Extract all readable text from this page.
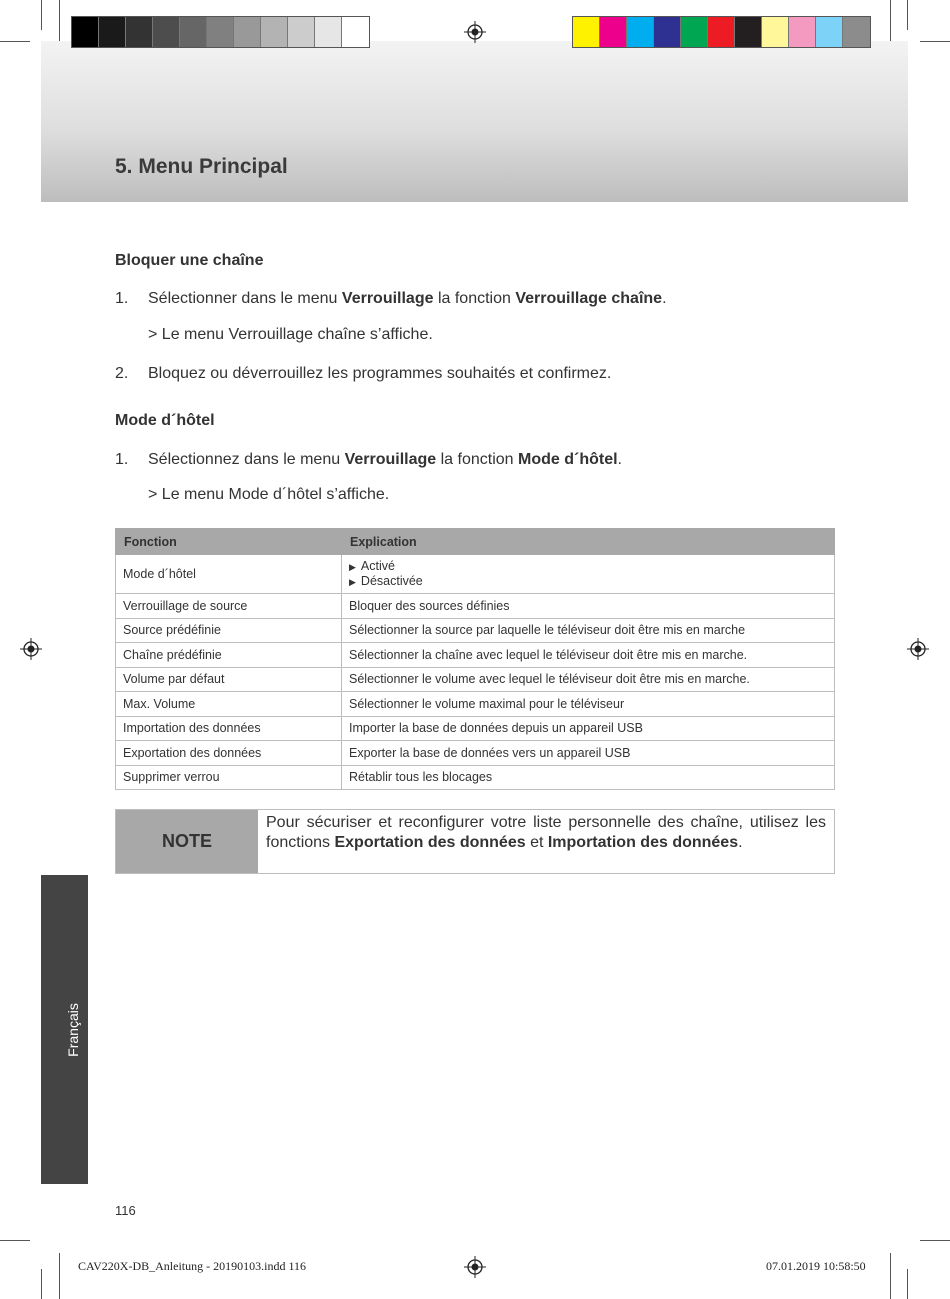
5. Menu Principal
Bloquer une chaîne
1. Sélectionner dans le menu Verrouillage la fonction Verrouillage chaîne.
> Le menu Verrouillage chaîne s’affiche.
2. Bloquez ou déverrouillez les programmes souhaités et confirmez.
Mode d´hôtel
1. Sélectionnez dans le menu Verrouillage la fonction Mode d´hôtel.
> Le menu Mode d´hôtel s’affiche.
Fonction	Explication
Mode d´hôtel	▶ Activé
▶ Désactivée

Verrouillage de source	Bloquer des sources définies
Source prédéfinie	Sélectionner la source par laquelle le téléviseur doit être mis en marche
Chaîne prédéfinie	Sélectionner la chaîne avec lequel le téléviseur doit être mis en marche.
Volume par défaut	Sélectionner le volume avec lequel le téléviseur doit être mis en marche.
Max. Volume	Sélectionner le volume maximal pour le téléviseur
Importation des données	Importer la base de données depuis un appareil USB
Exportation des données	Exporter la base de données vers un appareil USB
Supprimer verrou	Rétablir tous les blocages
NOTE
Pour sécuriser et reconfigurer votre liste personnelle des chaîne, utilisez les fonctions Exportation des données et Importation des données.
Français
116
CAV220X-DB_Anleitung - 20190103.indd 116	07.01.2019 10:58:50
